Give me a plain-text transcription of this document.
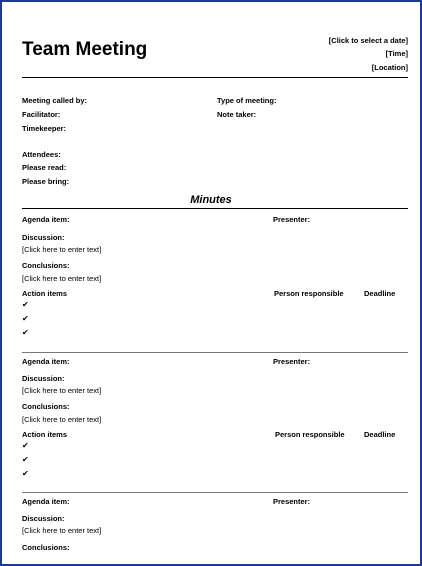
Team Meeting	[Click to select a date]
[Time]
[Location]
Meeting called by:	Type of meeting:
Facilitator:	Note taker:
Timekeeper:
Attendees:
Please read:
Please bring:
Minutes
Agenda item:	Presenter:
Discussion:
[Click here to enter text]
Conclusions:
[Click here to enter text]
Action items	Person responsible	Deadline
✔
✔
✔
Agenda item:	Presenter:
Discussion:
[Click here to enter text]
Conclusions:
[Click here to enter text]
Action items	Person responsible	Deadline
✔
✔
✔
Agenda item:	Presenter:
Discussion:
[Click here to enter text]
Conclusions:
